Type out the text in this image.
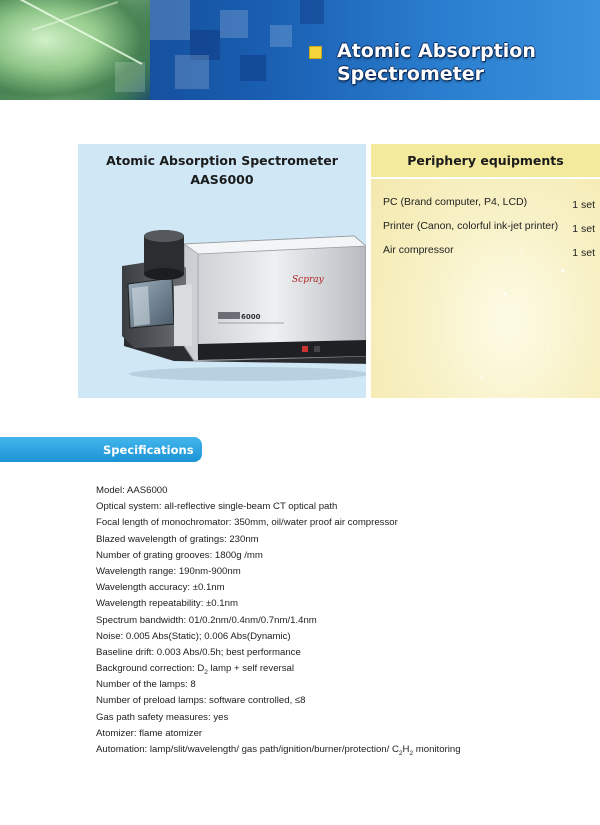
Atomic Absorption
Spectrometer
Atomic Absorption Spectrometer
AAS6000
Scpray
6000
Periphery equipments
PC (Brand computer, P4, LCD)	1 set
Printer (Canon, colorful ink-jet printer) 1 set
Air compressor	1 set
Specifications
Model: AAS6000
Optical system: all-reflective single-beam CT optical path
Focal length of monochromator: 350mm, oil/water proof air compressor
Blazed wavelength of gratings: 230nm
Number of grating grooves: 1800g /mm
Wavelength range: 190nm-900nm
Wavelength accuracy: ±0.1nm
Wavelength repeatability: ±0.1nm
Spectrum bandwidth: 01/0.2nm/0.4nm/0.7nm/1.4nm
Noise: 0.005 Abs(Static); 0.006 Abs(Dynamic)
Baseline drift: 0.003 Abs/0.5h; best performance
Background correction: $D_2$ lamp + self reversal
Number of the lamps: 8
Number of preload lamps: software controlled, ≤8
Gas path safety measures: yes
Atomizer: flame atomizer
Automation: lamp/slit/wavelength/ gas path/ignition/burner/protection/ $C_2H_2$ monitoring
